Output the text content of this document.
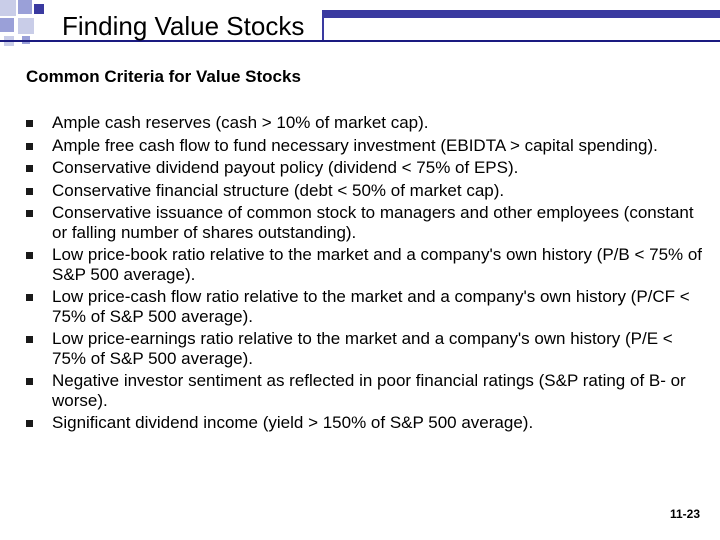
Finding Value Stocks
Common Criteria for Value Stocks
Ample cash reserves (cash > 10% of market cap).
Ample free cash flow to fund necessary investment (EBIDTA > capital spending).
Conservative dividend payout policy (dividend < 75% of EPS).
Conservative financial structure (debt < 50% of market cap).
Conservative issuance of common stock to managers and other employees (constant or falling number of shares outstanding).
Low price-book ratio relative to the market and a company's own history (P/B < 75% of S&P 500 average).
Low price-cash flow ratio relative to the market and a company's own history (P/CF < 75% of S&P 500 average).
Low price-earnings ratio relative to the market and a company's own history (P/E < 75% of S&P 500 average).
Negative investor sentiment as reflected in poor financial ratings (S&P rating of B- or worse).
Significant dividend income (yield > 150% of S&P 500 average).
11-23
